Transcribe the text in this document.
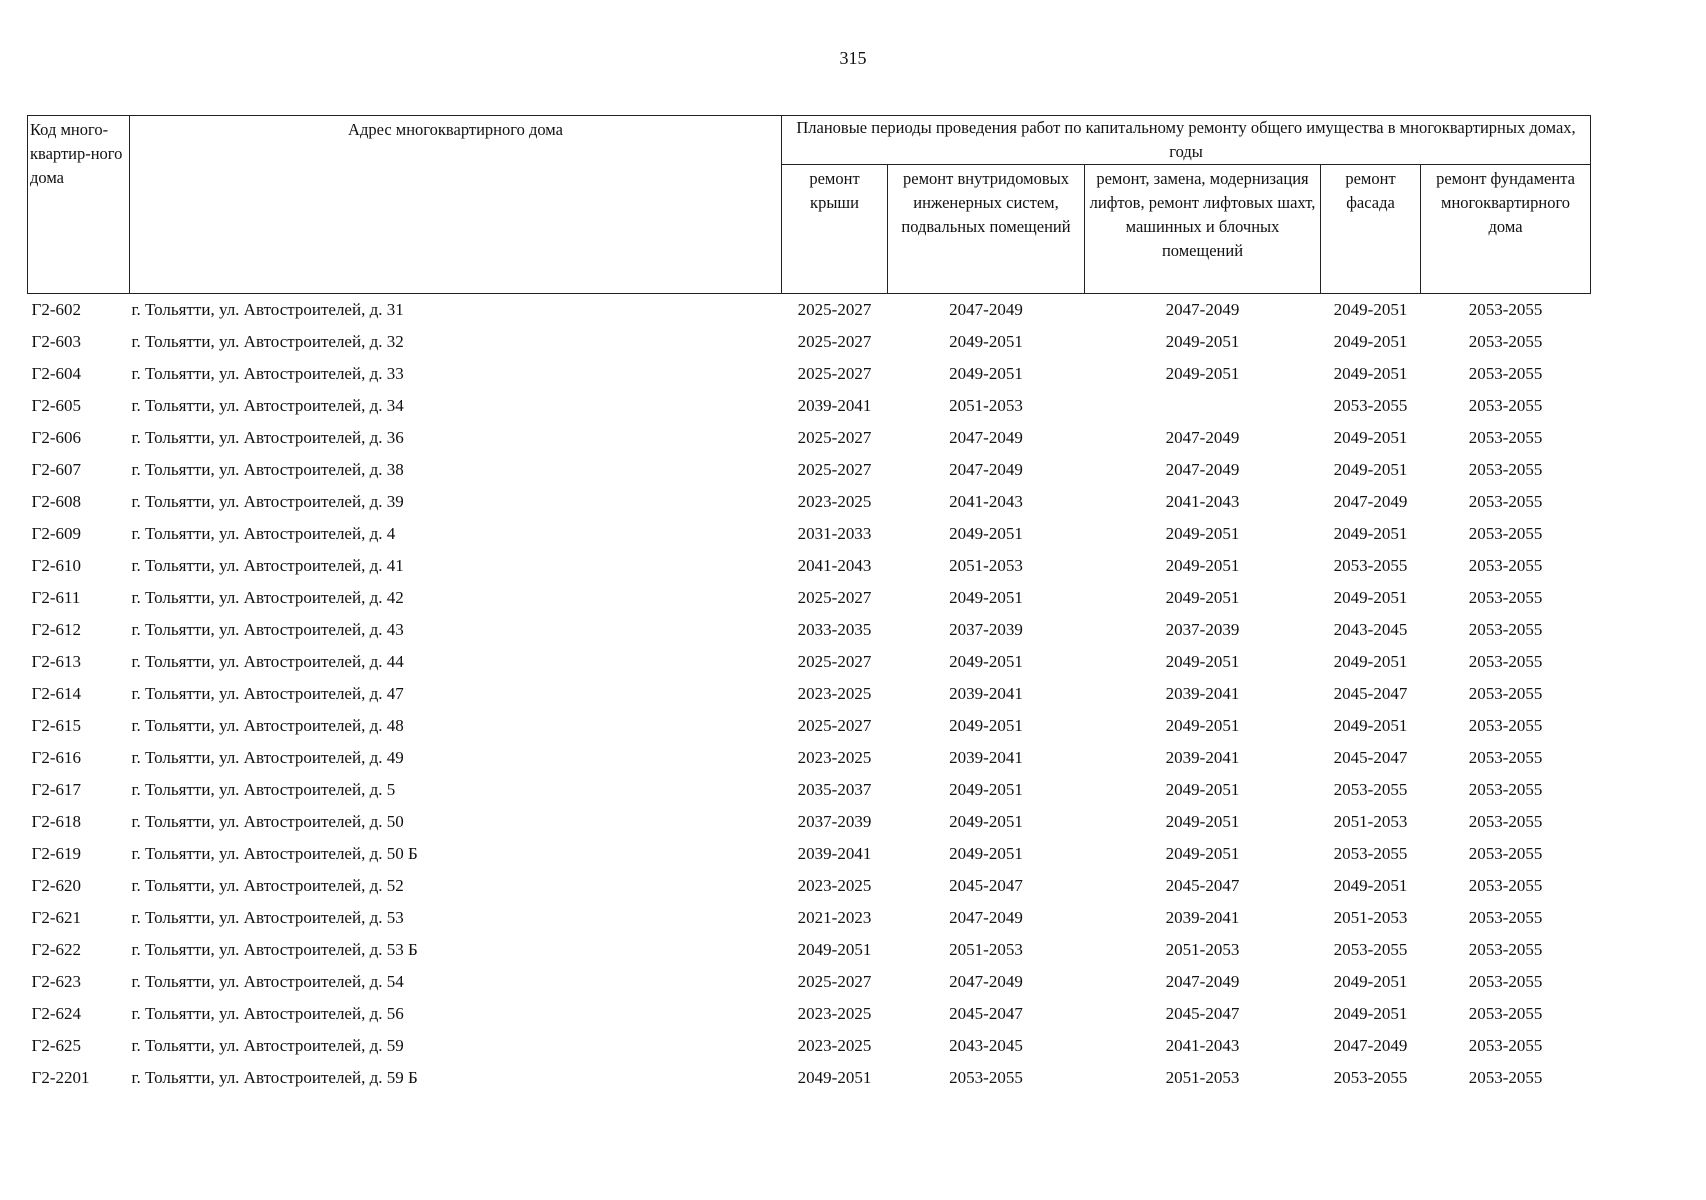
315
Код много-квартир-ного дома	Адрес многоквартирного дома	Плановые периоды проведения работ по капитальному ремонту общего имущества в многоквартирных домах, годы				
		ремонт крыши	ремонт внутридомовых инженерных систем, подвальных помещений	ремонт, замена, модернизация лифтов, ремонт лифтовых шахт, машинных и блочных помещений	ремонт фасада	ремонт фундамента многоквартирного дома
Г2-602	г. Тольятти, ул. Автостроителей, д. 31	2025-2027	2047-2049	2047-2049	2049-2051	2053-2055
Г2-603	г. Тольятти, ул. Автостроителей, д. 32	2025-2027	2049-2051	2049-2051	2049-2051	2053-2055
Г2-604	г. Тольятти, ул. Автостроителей, д. 33	2025-2027	2049-2051	2049-2051	2049-2051	2053-2055
Г2-605	г. Тольятти, ул. Автостроителей, д. 34	2039-2041	2051-2053		2053-2055	2053-2055
Г2-606	г. Тольятти, ул. Автостроителей, д. 36	2025-2027	2047-2049	2047-2049	2049-2051	2053-2055
Г2-607	г. Тольятти, ул. Автостроителей, д. 38	2025-2027	2047-2049	2047-2049	2049-2051	2053-2055
Г2-608	г. Тольятти, ул. Автостроителей, д. 39	2023-2025	2041-2043	2041-2043	2047-2049	2053-2055
Г2-609	г. Тольятти, ул. Автостроителей, д. 4	2031-2033	2049-2051	2049-2051	2049-2051	2053-2055
Г2-610	г. Тольятти, ул. Автостроителей, д. 41	2041-2043	2051-2053	2049-2051	2053-2055	2053-2055
Г2-611	г. Тольятти, ул. Автостроителей, д. 42	2025-2027	2049-2051	2049-2051	2049-2051	2053-2055
Г2-612	г. Тольятти, ул. Автостроителей, д. 43	2033-2035	2037-2039	2037-2039	2043-2045	2053-2055
Г2-613	г. Тольятти, ул. Автостроителей, д. 44	2025-2027	2049-2051	2049-2051	2049-2051	2053-2055
Г2-614	г. Тольятти, ул. Автостроителей, д. 47	2023-2025	2039-2041	2039-2041	2045-2047	2053-2055
Г2-615	г. Тольятти, ул. Автостроителей, д. 48	2025-2027	2049-2051	2049-2051	2049-2051	2053-2055
Г2-616	г. Тольятти, ул. Автостроителей, д. 49	2023-2025	2039-2041	2039-2041	2045-2047	2053-2055
Г2-617	г. Тольятти, ул. Автостроителей, д. 5	2035-2037	2049-2051	2049-2051	2053-2055	2053-2055
Г2-618	г. Тольятти, ул. Автостроителей, д. 50	2037-2039	2049-2051	2049-2051	2051-2053	2053-2055
Г2-619	г. Тольятти, ул. Автостроителей, д. 50 Б	2039-2041	2049-2051	2049-2051	2053-2055	2053-2055
Г2-620	г. Тольятти, ул. Автостроителей, д. 52	2023-2025	2045-2047	2045-2047	2049-2051	2053-2055
Г2-621	г. Тольятти, ул. Автостроителей, д. 53	2021-2023	2047-2049	2039-2041	2051-2053	2053-2055
Г2-622	г. Тольятти, ул. Автостроителей, д. 53 Б	2049-2051	2051-2053	2051-2053	2053-2055	2053-2055
Г2-623	г. Тольятти, ул. Автостроителей, д. 54	2025-2027	2047-2049	2047-2049	2049-2051	2053-2055
Г2-624	г. Тольятти, ул. Автостроителей, д. 56	2023-2025	2045-2047	2045-2047	2049-2051	2053-2055
Г2-625	г. Тольятти, ул. Автостроителей, д. 59	2023-2025	2043-2045	2041-2043	2047-2049	2053-2055
Г2-2201	г. Тольятти, ул. Автостроителей, д. 59 Б	2049-2051	2053-2055	2051-2053	2053-2055	2053-2055
